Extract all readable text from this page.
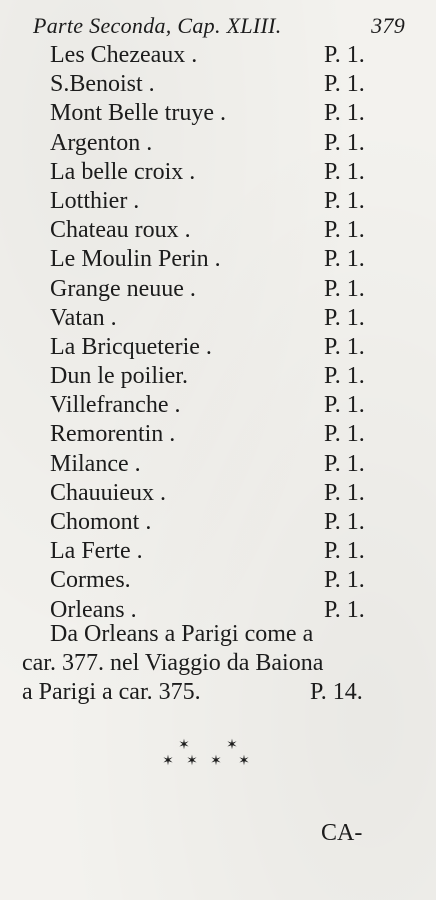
Parte Seconda, Cap. XLIII.	379
Les Chezeaux .	P. 1.
S.Benoist .	P. 1.
Mont Belle truye .	P. 1.
Argenton .	P. 1.
La belle croix .	P. 1.
Lotthier .	P. 1.
Chateau roux .	P. 1.
Le Moulin Perin .	P. 1.
Grange neuue .	P. 1.
Vatan .	P. 1.
La Bricqueterie .	P. 1.
Dun le poilier.	P. 1.
Villefranche .	P. 1.
Remorentin .	P. 1.
Milance .	P. 1.
Chauuieux .	P. 1.
Chomont .	P. 1.
La Ferte .	P. 1.
Cormes.	P. 1.
Orleans .	P. 1.
Da Orleans a Parigi come a
car. 377. nel Viaggio da Baiona
a Parigi a car. 375.	P. 14.
✶	✶
✶ ✶ ✶ ✶
CA-
